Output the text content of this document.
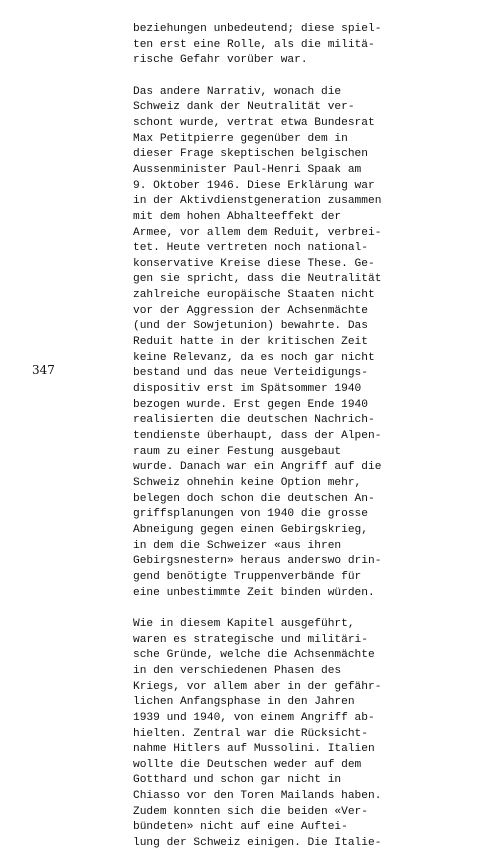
347
beziehungen unbedeutend; diese spiel-
ten erst eine Rolle, als die militä-
rische Gefahr vorüber war.
Das andere Narrativ, wonach die
Schweiz dank der Neutralität ver-
schont wurde, vertrat etwa Bundesrat
Max Petitpierre gegenüber dem in
dieser Frage skeptischen belgischen
Aussenminister Paul-Henri Spaak am
9. Oktober 1946. Diese Erklärung war
in der Aktivdienstgeneration zusammen
mit dem hohen Abhalteeffekt der
Armee, vor allem dem Reduit, verbrei-
tet. Heute vertreten noch national-
konservative Kreise diese These. Ge-
gen sie spricht, dass die Neutralität
zahlreiche europäische Staaten nicht
vor der Aggression der Achsenmächte
(und der Sowjetunion) bewahrte. Das
Reduit hatte in der kritischen Zeit
keine Relevanz, da es noch gar nicht
bestand und das neue Verteidigungs-
dispositiv erst im Spätsommer 1940
bezogen wurde. Erst gegen Ende 1940
realisierten die deutschen Nachrich-
tendienste überhaupt, dass der Alpen-
raum zu einer Festung ausgebaut
wurde. Danach war ein Angriff auf die
Schweiz ohnehin keine Option mehr,
belegen doch schon die deutschen An-
griffsplanungen von 1940 die grosse
Abneigung gegen einen Gebirgskrieg,
in dem die Schweizer «aus ihren
Gebirgsnestern» heraus anderswo drin-
gend benötigte Truppenverbände für
eine unbestimmte Zeit binden würden.
Wie in diesem Kapitel ausgeführt,
waren es strategische und militäri-
sche Gründe, welche die Achsenmächte
in den verschiedenen Phasen des
Kriegs, vor allem aber in der gefähr-
lichen Anfangsphase in den Jahren
1939 und 1940, von einem Angriff ab-
hielten. Zentral war die Rücksicht-
nahme Hitlers auf Mussolini. Italien
wollte die Deutschen weder auf dem
Gotthard und schon gar nicht in
Chiasso vor den Toren Mailands haben.
Zudem konnten sich die beiden «Ver-
bündeten» nicht auf eine Auftei-
lung der Schweiz einigen. Die Italie-
